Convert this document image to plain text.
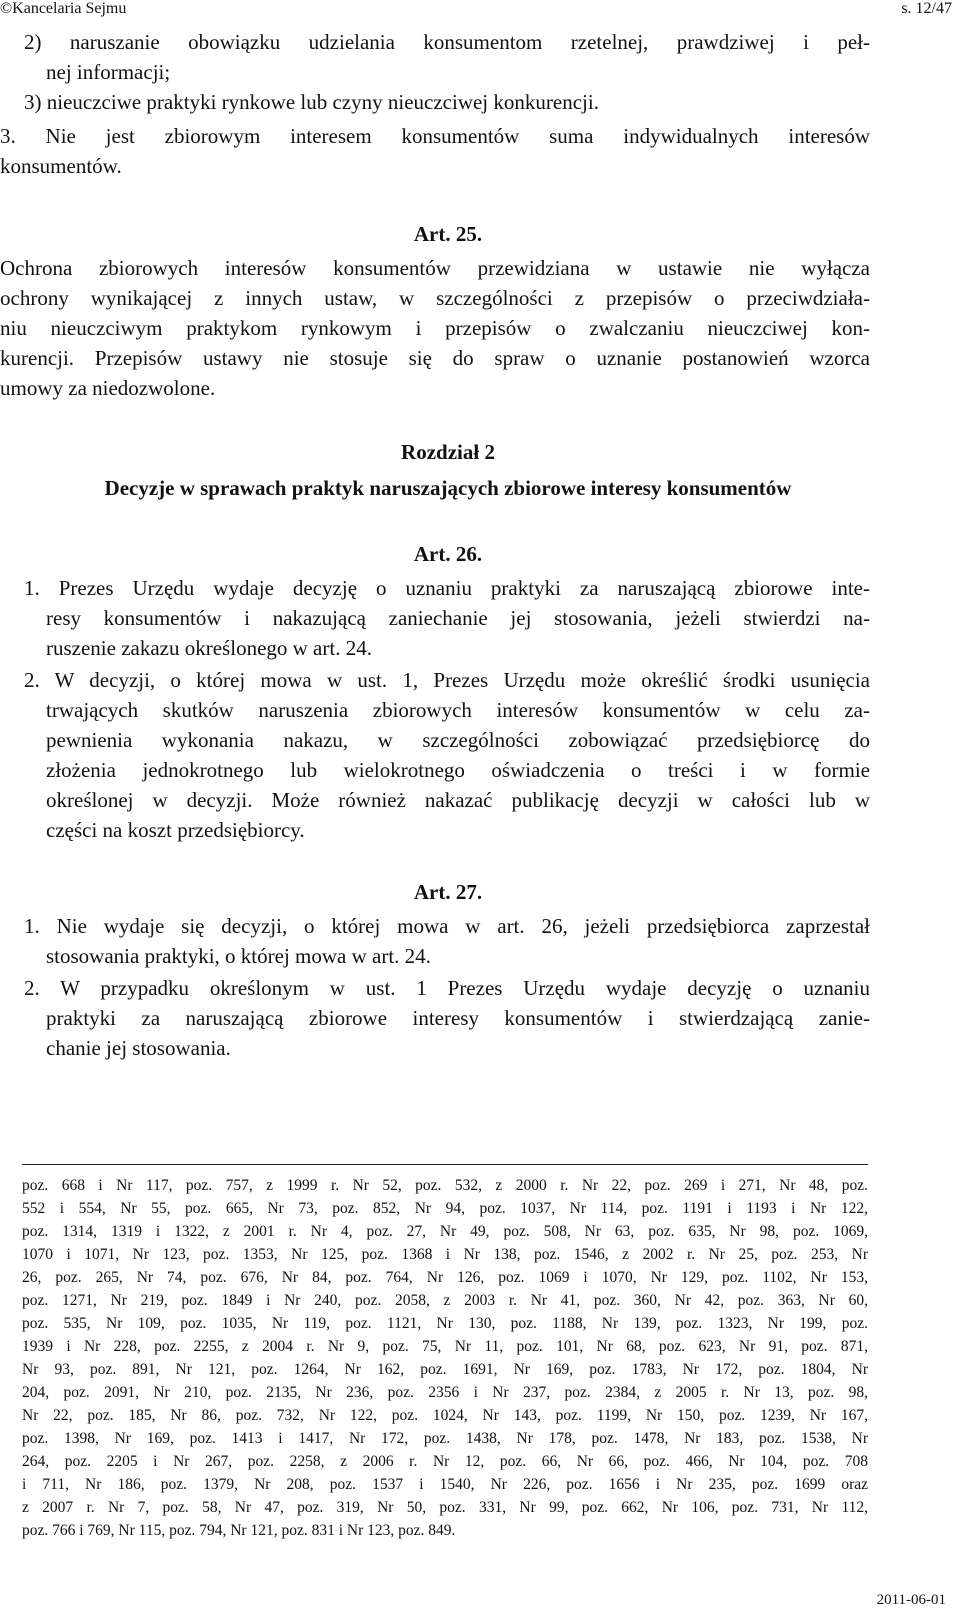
©Kancelaria Sejmu	s. 12/47
2) naruszanie obowiązku udzielania konsumentom rzetelnej, prawdziwej i peł-
nej informacji;
3) nieuczciwe praktyki rynkowe lub czyny nieuczciwej konkurencji.
3. Nie jest zbiorowym interesem konsumentów suma indywidualnych interesów
konsumentów.
Art. 25.
Ochrona zbiorowych interesów konsumentów przewidziana w ustawie nie wyłącza
ochrony wynikającej z innych ustaw, w szczególności z przepisów o przeciwdziała-
niu nieuczciwym praktykom rynkowym i przepisów o zwalczaniu nieuczciwej kon-
kurencji. Przepisów ustawy nie stosuje się do spraw o uznanie postanowień wzorca
umowy za niedozwolone.
Rozdział 2
Decyzje w sprawach praktyk naruszających zbiorowe interesy konsumentów
Art. 26.
1. Prezes Urzędu wydaje decyzję o uznaniu praktyki za naruszającą zbiorowe inte-
resy konsumentów i nakazującą zaniechanie jej stosowania, jeżeli stwierdzi na-
ruszenie zakazu określonego w art. 24.
2. W decyzji, o której mowa w ust. 1, Prezes Urzędu może określić środki usunięcia
trwających skutków naruszenia zbiorowych interesów konsumentów w celu za-
pewnienia wykonania nakazu, w szczególności zobowiązać przedsiębiorcę do
złożenia jednokrotnego lub wielokrotnego oświadczenia o treści i w formie
określonej w decyzji. Może również nakazać publikację decyzji w całości lub w
części na koszt przedsiębiorcy.
Art. 27.
1. Nie wydaje się decyzji, o której mowa w art. 26, jeżeli przedsiębiorca zaprzestał
stosowania praktyki, o której mowa w art. 24.
2. W przypadku określonym w ust. 1 Prezes Urzędu wydaje decyzję o uznaniu
praktyki za naruszającą zbiorowe interesy konsumentów i stwierdzającą zanie-
chanie jej stosowania.
poz. 668 i Nr 117, poz. 757, z 1999 r. Nr 52, poz. 532, z 2000 r. Nr 22, poz. 269 i 271, Nr 48, poz.
552 i 554, Nr 55, poz. 665, Nr 73, poz. 852, Nr 94, poz. 1037, Nr 114, poz. 1191 i 1193 i Nr 122,
poz. 1314, 1319 i 1322, z 2001 r. Nr 4, poz. 27, Nr 49, poz. 508, Nr 63, poz. 635, Nr 98, poz. 1069,
1070 i 1071, Nr 123, poz. 1353, Nr 125, poz. 1368 i Nr 138, poz. 1546, z 2002 r. Nr 25, poz. 253, Nr
26, poz. 265, Nr 74, poz. 676, Nr 84, poz. 764, Nr 126, poz. 1069 i 1070, Nr 129, poz. 1102, Nr 153,
poz. 1271, Nr 219, poz. 1849 i Nr 240, poz. 2058, z 2003 r. Nr 41, poz. 360, Nr 42, poz. 363, Nr 60,
poz. 535, Nr 109, poz. 1035, Nr 119, poz. 1121, Nr 130, poz. 1188, Nr 139, poz. 1323, Nr 199, poz.
1939 i Nr 228, poz. 2255, z 2004 r. Nr 9, poz. 75, Nr 11, poz. 101, Nr 68, poz. 623, Nr 91, poz. 871,
Nr 93, poz. 891, Nr 121, poz. 1264, Nr 162, poz. 1691, Nr 169, poz. 1783, Nr 172, poz. 1804, Nr
204, poz. 2091, Nr 210, poz. 2135, Nr 236, poz. 2356 i Nr 237, poz. 2384, z 2005 r. Nr 13, poz. 98,
Nr 22, poz. 185, Nr 86, poz. 732, Nr 122, poz. 1024, Nr 143, poz. 1199, Nr 150, poz. 1239, Nr 167,
poz. 1398, Nr 169, poz. 1413 i 1417, Nr 172, poz. 1438, Nr 178, poz. 1478, Nr 183, poz. 1538, Nr
264, poz. 2205 i Nr 267, poz. 2258, z 2006 r. Nr 12, poz. 66, Nr 66, poz. 466, Nr 104, poz. 708
i 711, Nr 186, poz. 1379, Nr 208, poz. 1537 i 1540, Nr 226, poz. 1656 i Nr 235, poz. 1699 oraz
z 2007 r. Nr 7, poz. 58, Nr 47, poz. 319, Nr 50, poz. 331, Nr 99, poz. 662, Nr 106, poz. 731, Nr 112,
poz. 766 i 769, Nr 115, poz. 794, Nr 121, poz. 831 i Nr 123, poz. 849.
2011-06-01
